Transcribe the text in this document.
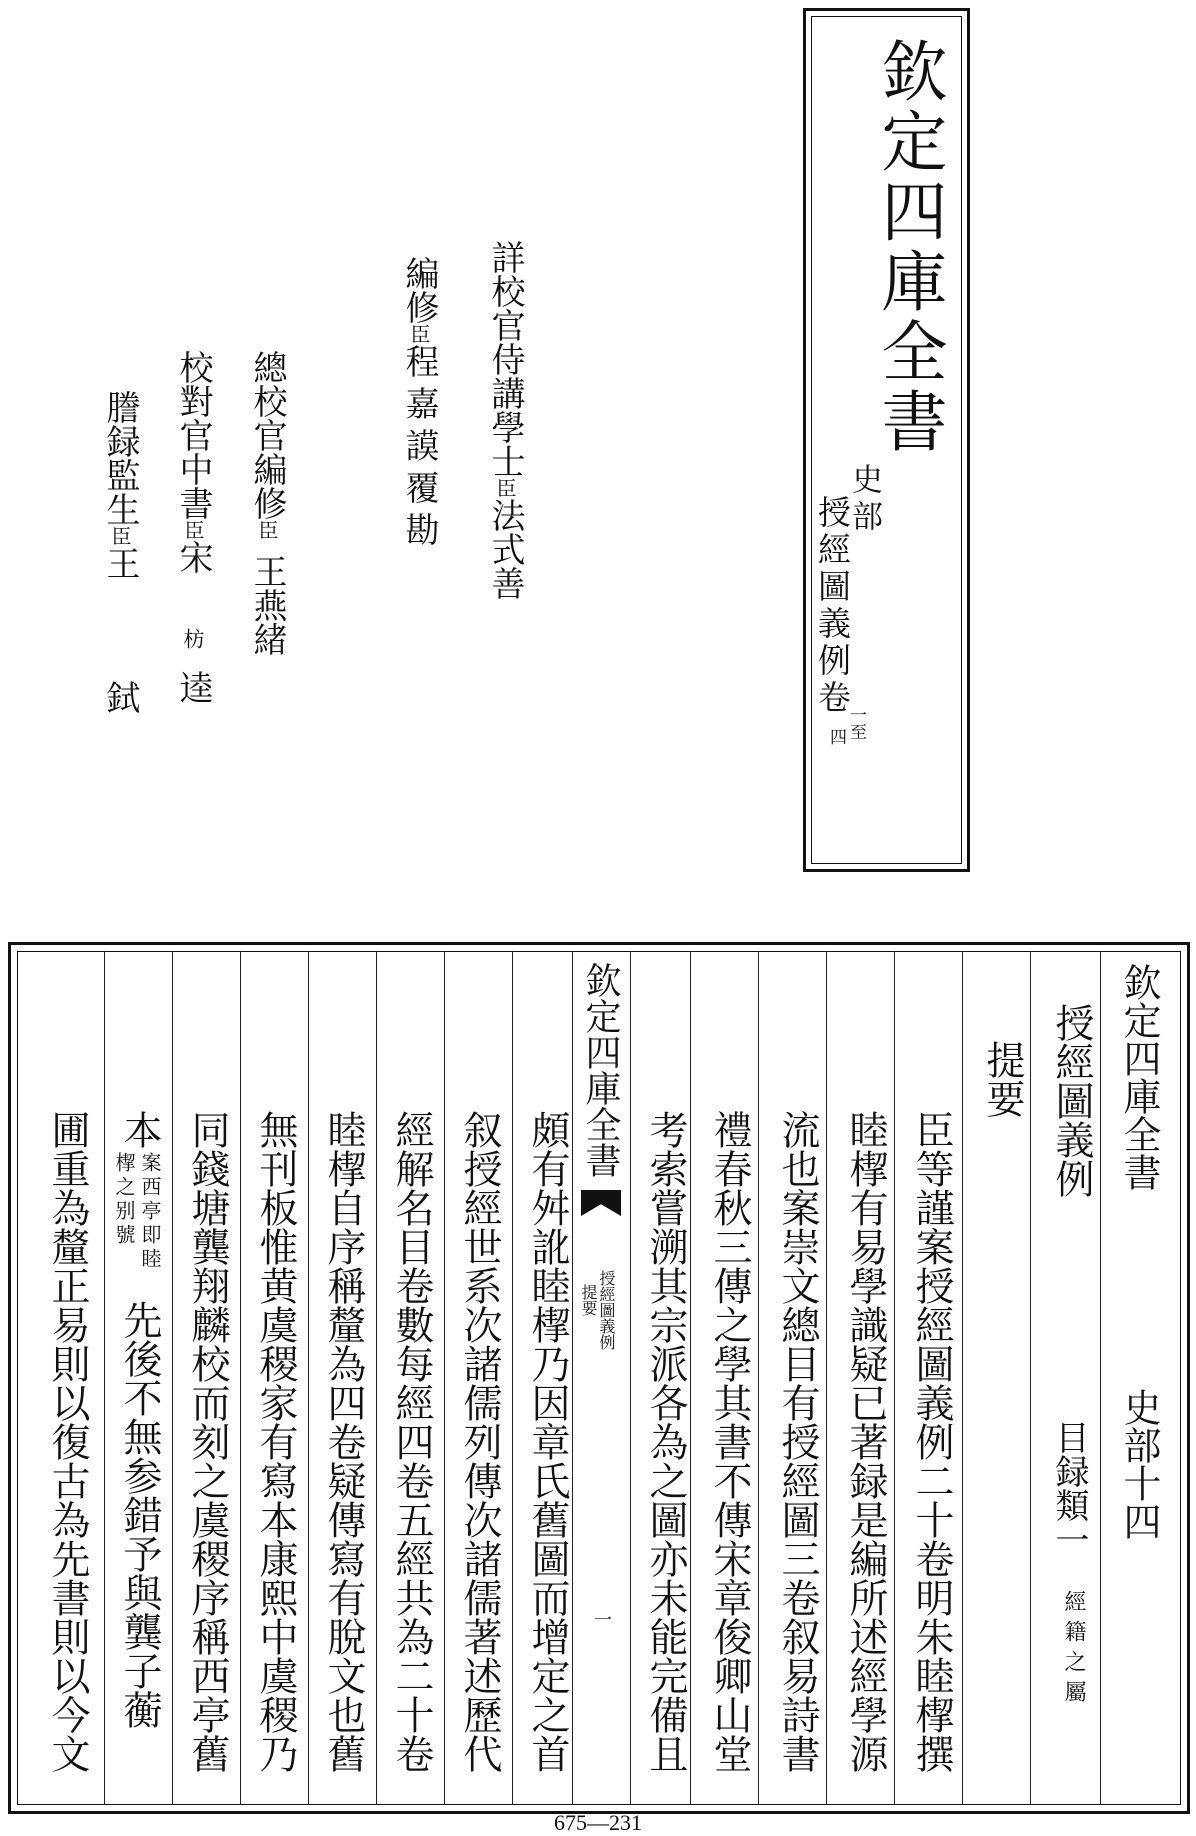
欽定四庫全書
史部
授經圖義例卷
一至
四
詳校官侍講學士臣法式善
編修臣程嘉謨覆勘
總校官編修臣王燕緒
校對官中書臣宋
枋
逵
謄録監生臣王
鉽
欽定四庫全書
史部十四
目録類一
經籍之屬
授經圖義例
提要
臣等謹案授經圖義例二十卷明朱睦㮮撰
睦㮮有易學識疑已著録是編所述經學源
流也案崇文總目有授經圖三卷叙易詩書
禮春秋三傳之學其書不傳宋章俊卿山堂
考索嘗溯其宗派各為之圖亦未能完備且
欽定四庫全書
授經圖義例
提要
一
頗有舛訛睦㮮乃因章氏舊圖而增定之首
叙授經世系次諸儒列傳次諸儒著述歷代
經解名目卷數每經四卷五經共為二十卷
睦㮮自序稱釐為四卷疑傳寫有脫文也舊
無刊板惟黄虞稷家有寫本康熙中虞稷乃
同錢塘龔翔麟校而刻之虞稷序稱西亭舊
本
案西亭即睦
㮮之别號
先後不無参錯予與龔子蘅
圃重為釐正易則以復古為先書則以今文
675—231
